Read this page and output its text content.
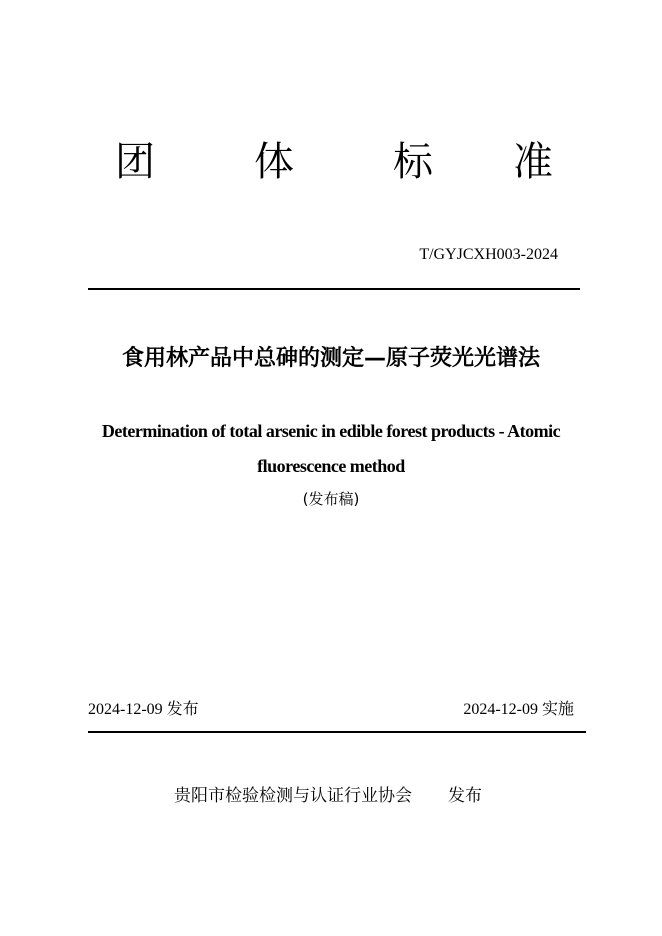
团 体 标 准
T/GYJCXH003-2024
食用林产品中总砷的测定—原子荧光光谱法
Determination of total arsenic in edible forest products - Atomic fluorescence method
(发布稿)
2024-12-09 发布	2024-12-09 实施
贵阳市检验检测与认证行业协会 发布
